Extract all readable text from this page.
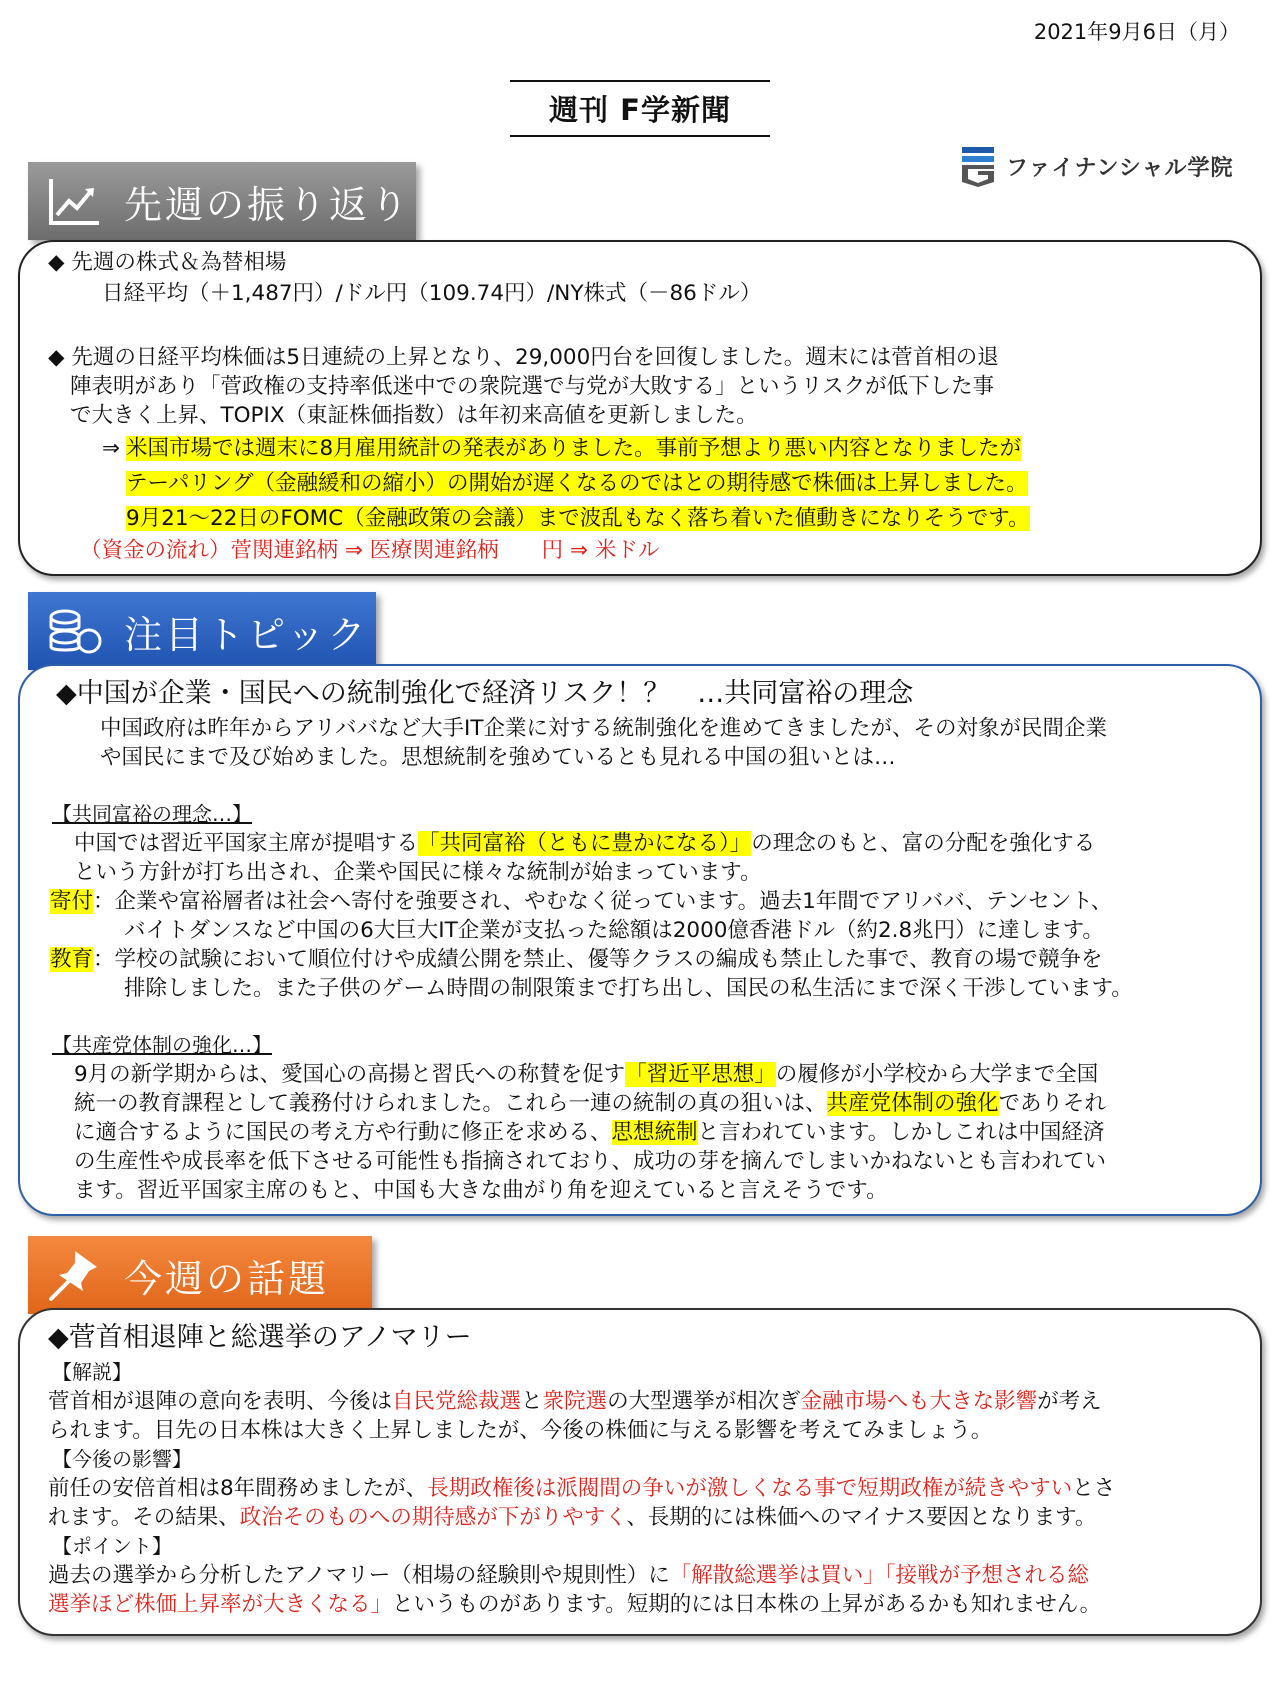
2021年9月6日（月）
週刊 F学新聞
ファイナンシャル学院
先週の振り返り
◆ 先週の株式＆為替相場
日経平均（＋1,487円）/ドル円（109.74円）/NY株式（－86ドル）
◆ 先週の日経平均株価は5日連続の上昇となり、29,000円台を回復しました。週末には菅首相の退
陣表明があり「菅政権の支持率低迷中での衆院選で与党が大敗する」というリスクが低下した事
で大きく上昇、TOPIX（東証株価指数）は年初来高値を更新しました。
⇒ 米国市場では週末に8月雇用統計の発表がありました。事前予想より悪い内容となりましたが
テーパリング（金融緩和の縮小）の開始が遅くなるのではとの期待感で株価は上昇しました。
9月21～22日のFOMC（金融政策の会議）まで波乱もなく落ち着いた値動きになりそうです。
（資金の流れ）菅関連銘柄 ⇒ 医療関連銘柄　　円 ⇒ 米ドル
注目トピック
◆中国が企業・国民への統制強化で経済リスク！？　…共同富裕の理念
中国政府は昨年からアリババなど大手IT企業に対する統制強化を進めてきましたが、その対象が民間企業
や国民にまで及び始めました。思想統制を強めているとも見れる中国の狙いとは…
【共同富裕の理念…】
中国では習近平国家主席が提唱する「共同富裕（ともに豊かになる）」の理念のもと、富の分配を強化する
という方針が打ち出され、企業や国民に様々な統制が始まっています。
寄付：企業や富裕層者は社会へ寄付を強要され、やむなく従っています。過去1年間でアリババ、テンセント、
バイトダンスなど中国の6大巨大IT企業が支払った総額は2000億香港ドル（約2.8兆円）に達します。
教育：学校の試験において順位付けや成績公開を禁止、優等クラスの編成も禁止した事で、教育の場で競争を
排除しました。また子供のゲーム時間の制限策まで打ち出し、国民の私生活にまで深く干渉しています。
【共産党体制の強化…】
9月の新学期からは、愛国心の高揚と習氏への称賛を促す「習近平思想」の履修が小学校から大学まで全国
統一の教育課程として義務付けられました。これら一連の統制の真の狙いは、共産党体制の強化でありそれ
に適合するように国民の考え方や行動に修正を求める、思想統制と言われています。しかしこれは中国経済
の生産性や成長率を低下させる可能性も指摘されており、成功の芽を摘んでしまいかねないとも言われてい
ます。習近平国家主席のもと、中国も大きな曲がり角を迎えていると言えそうです。
今週の話題
◆菅首相退陣と総選挙のアノマリー
【解説】
菅首相が退陣の意向を表明、今後は自民党総裁選と衆院選の大型選挙が相次ぎ金融市場へも大きな影響が考え
られます。目先の日本株は大きく上昇しましたが、今後の株価に与える影響を考えてみましょう。
【今後の影響】
前任の安倍首相は8年間務めましたが、長期政権後は派閥間の争いが激しくなる事で短期政権が続きやすいとさ
れます。その結果、政治そのものへの期待感が下がりやすく、長期的には株価へのマイナス要因となります。
【ポイント】
過去の選挙から分析したアノマリー（相場の経験則や規則性）に「解散総選挙は買い」「接戦が予想される総
選挙ほど株価上昇率が大きくなる」というものがあります。短期的には日本株の上昇があるかも知れません。
